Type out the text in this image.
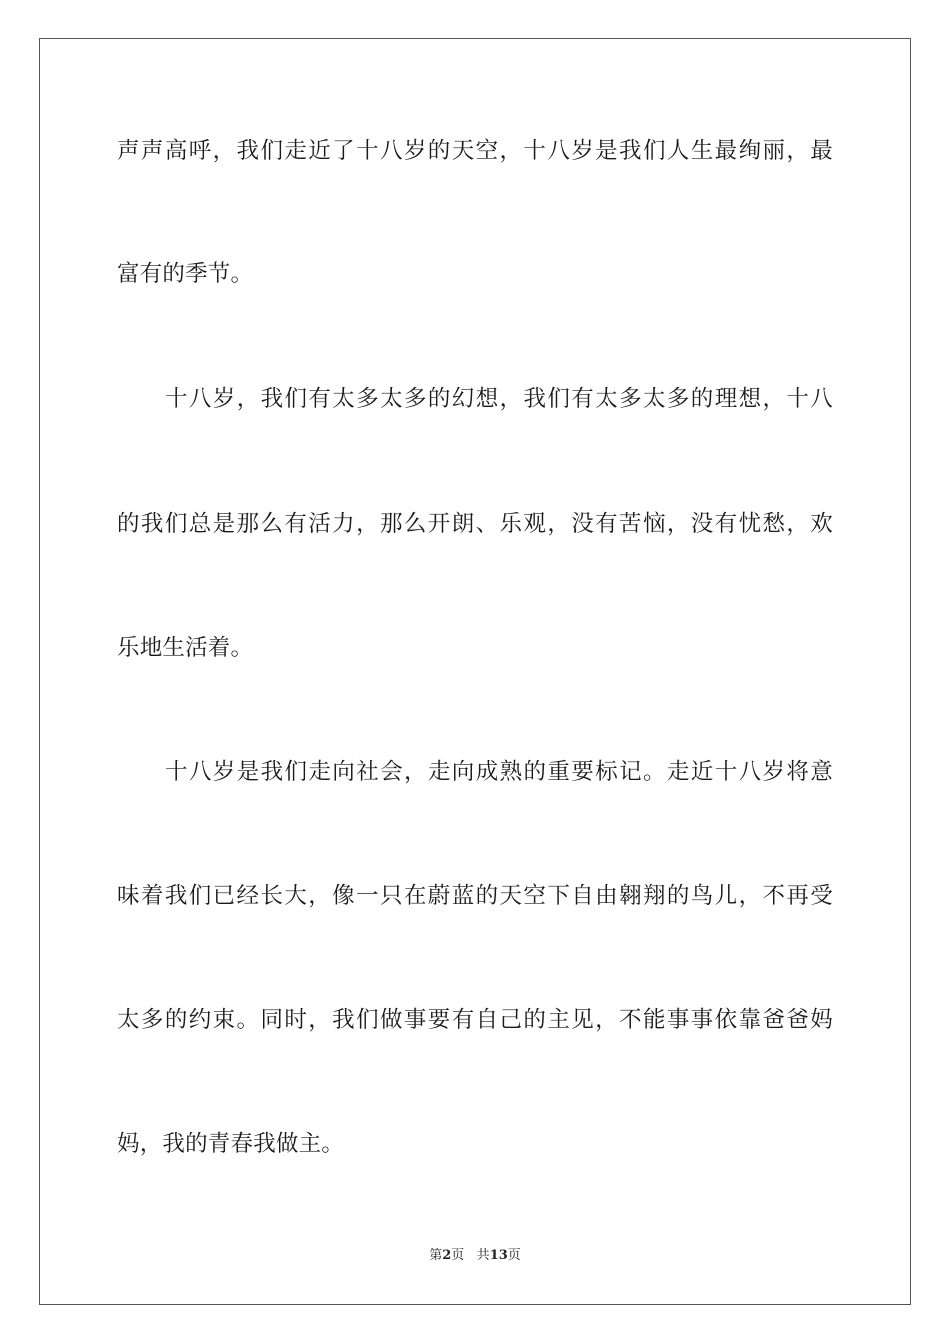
声声高呼，我们走近了十八岁的天空，十八岁是我们人生最绚丽，最
富有的季节。
十八岁，我们有太多太多的幻想，我们有太多太多的理想，十八
的我们总是那么有活力，那么开朗、乐观，没有苦恼，没有忧愁，欢
乐地生活着。
十八岁是我们走向社会，走向成熟的重要标记。走近十八岁将意
味着我们已经长大，像一只在蔚蓝的天空下自由翱翔的鸟儿，不再受
太多的约束。同时，我们做事要有自己的主见，不能事事依靠爸爸妈
妈，我的青春我做主。
第2页 共13页
